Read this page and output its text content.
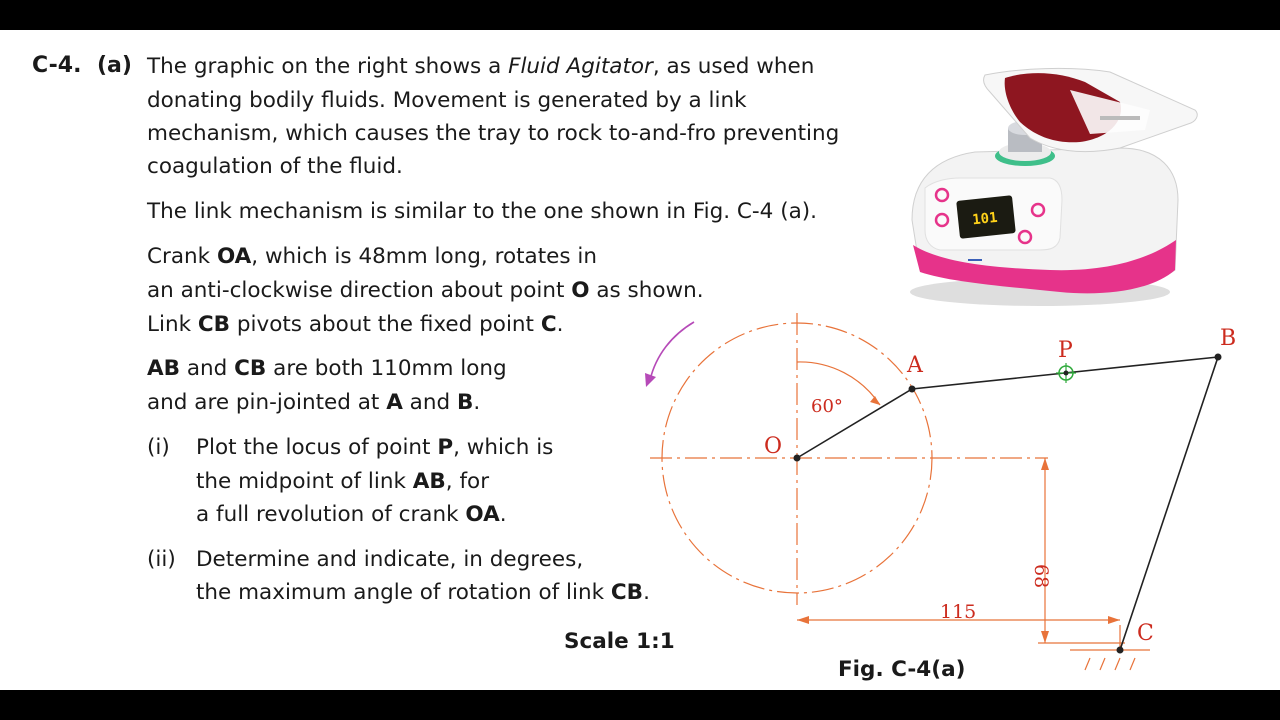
C-4. (a) The graphic on the right shows a Fluid Agitator, as used when
donating bodily fluids. Movement is generated by a link
mechanism, which causes the tray to rock to-and-fro preventing
coagulation of the fluid.
The link mechanism is similar to the one shown in Fig. C-4 (a).
Crank OA, which is 48mm long, rotates in
an anti-clockwise direction about point O as shown.
Link CB pivots about the fixed point C.
AB and CB are both 110mm long
and are pin-jointed at A and B.
(i) Plot the locus of point P, which is
the midpoint of link AB, for
a full revolution of crank OA.
(ii) Determine and indicate, in degrees,
the maximum angle of rotation of link CB.
Scale 1:1
101
60°
115
68
O
A
B
P
C
Fig. C-4(a)
